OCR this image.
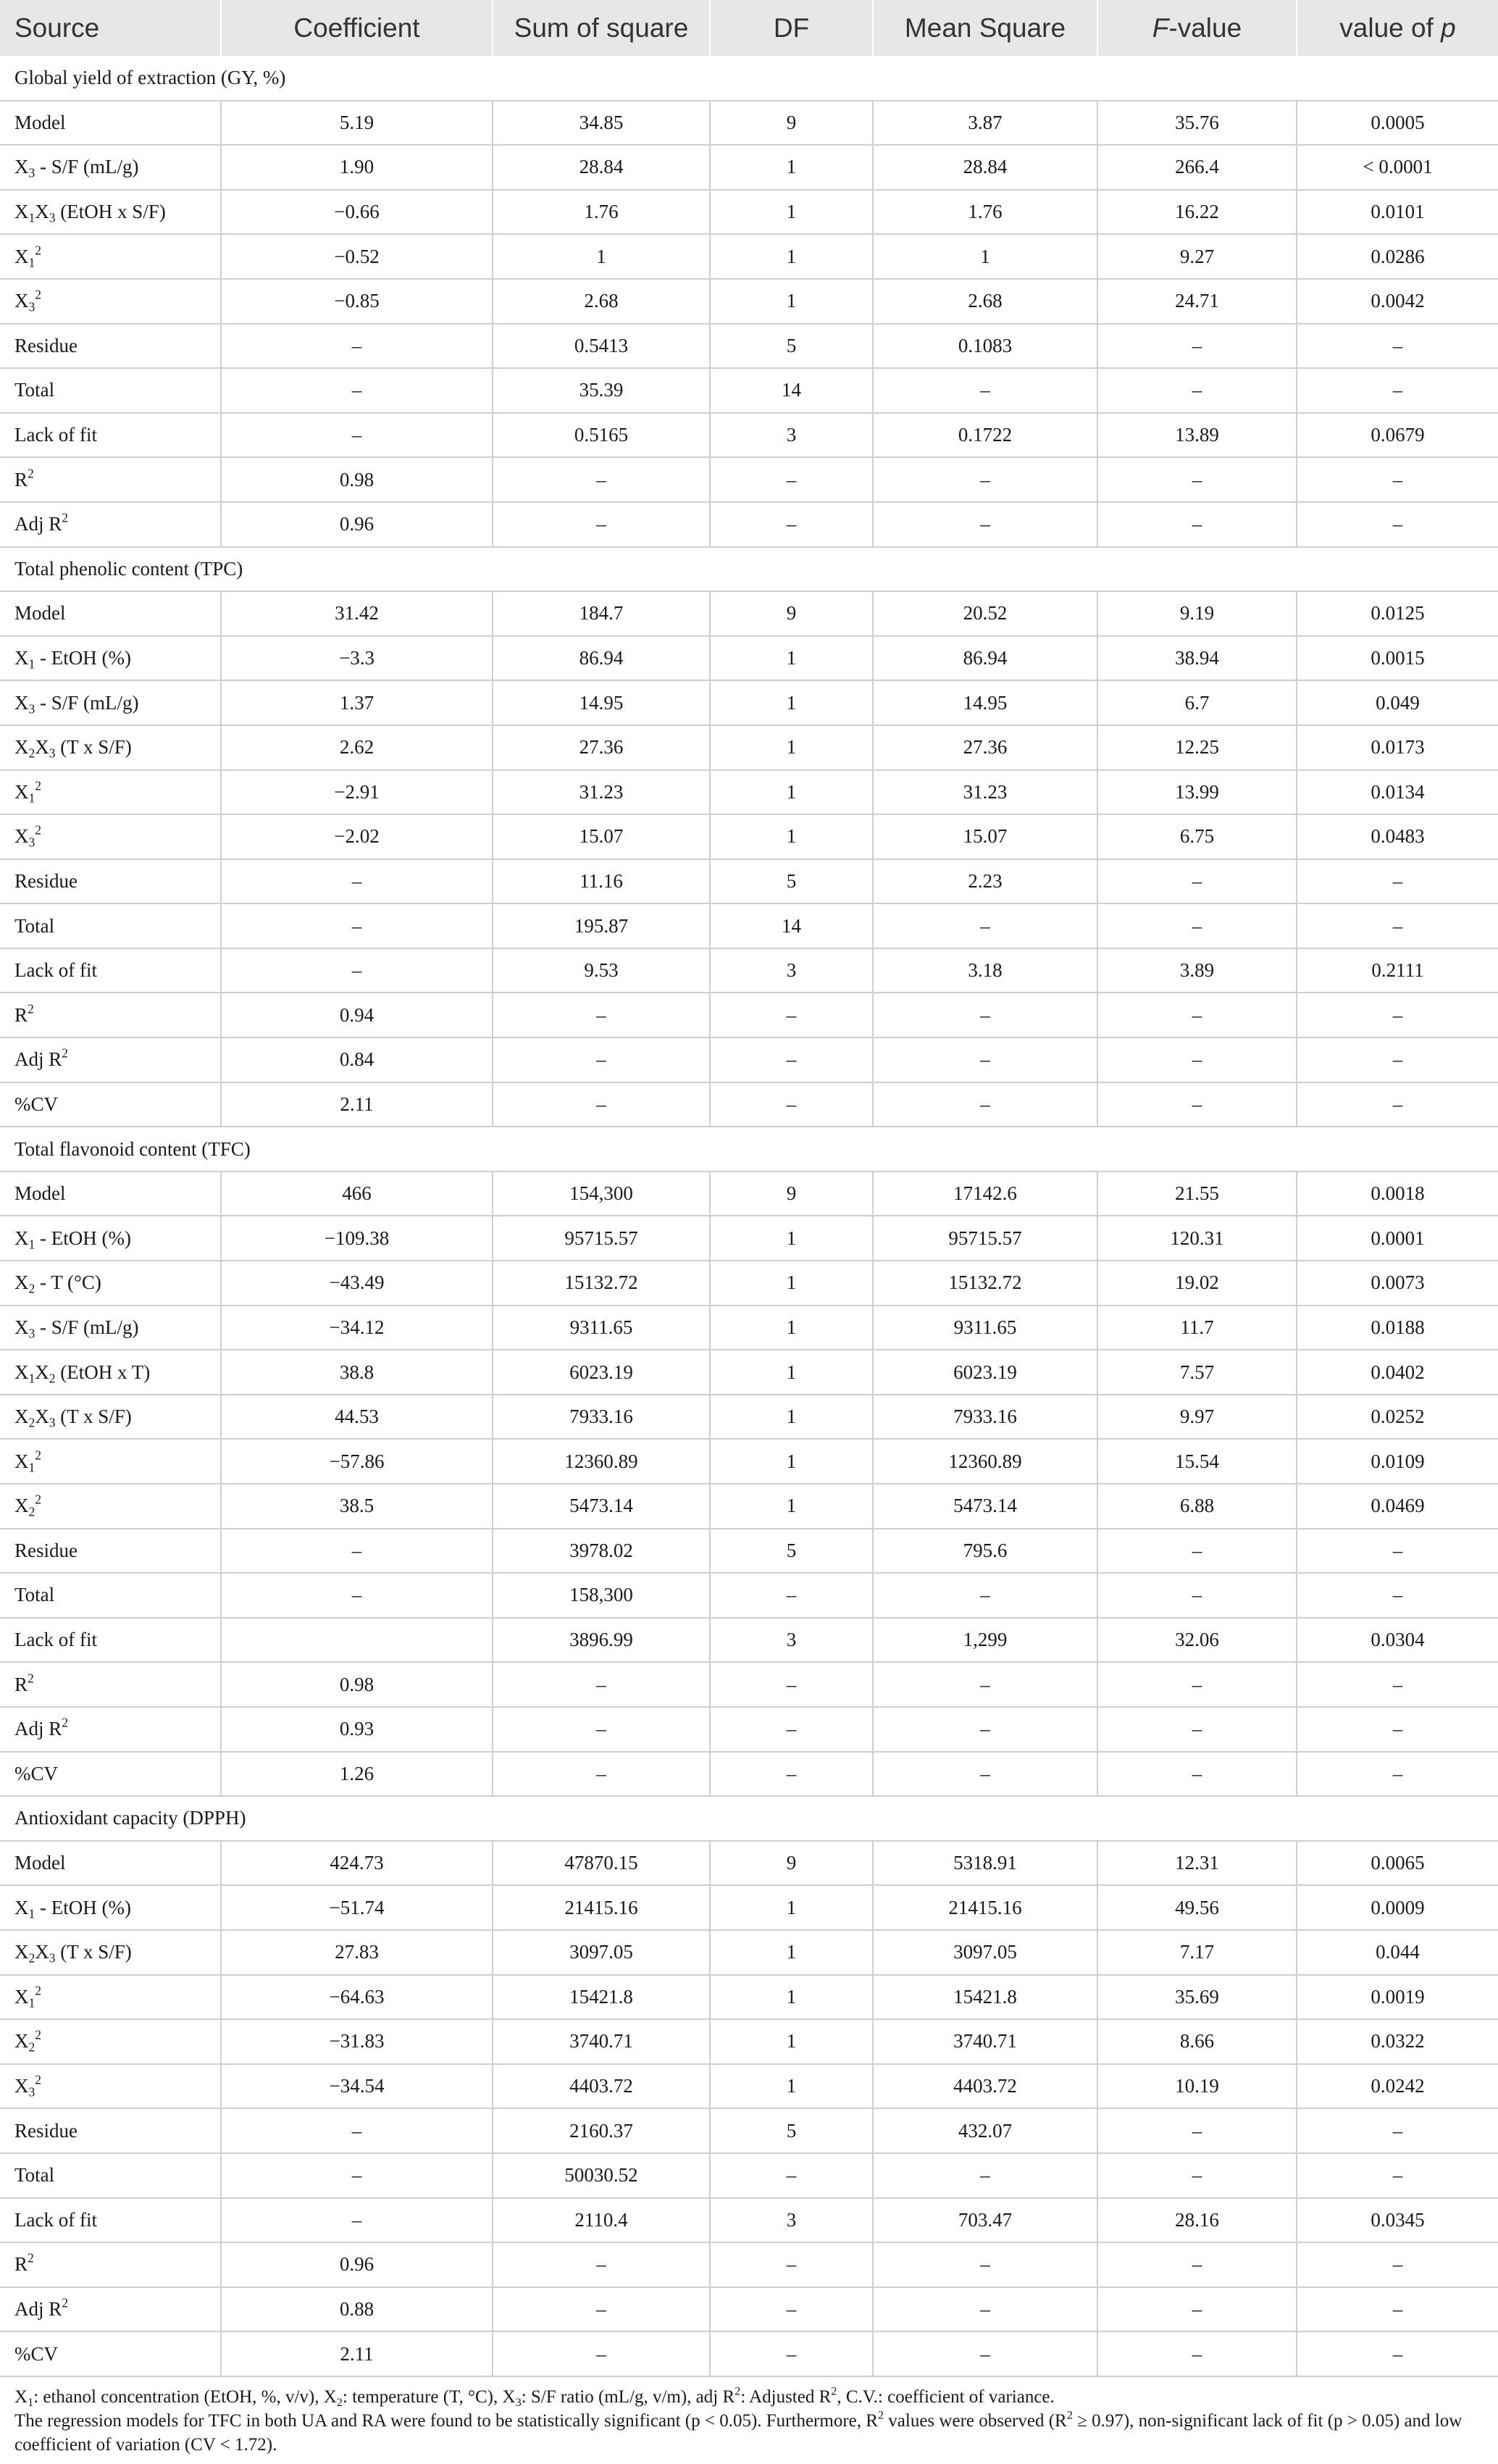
Source	Coefficient	Sum of square	DF	Mean Square	F-value	value of p
Global yield of extraction (GY, %)						
Model	5.19	34.85	9	3.87	35.76	0.0005
$X_3 - S/F$ (mL/g)	1.90	28.84	1	28.84	266.4	< 0.0001
$X_1X_3$ (EtOH x S/F)	−0.66	1.76	1	1.76	16.22	0.0101
$X_1^2$	−0.52	1	1	1	9.27	0.0286
$X_3^2$	−0.85	2.68	1	2.68	24.71	0.0042
Residue	–	0.5413	5	0.1083	–	–
Total	–	35.39	14	–	–	–
Lack of fit	–	0.5165	3	0.1722	13.89	0.0679
$R^2$	0.98	–	–	–	–	–
Adj $R^2$	0.96	–	–	–	–	–
Total phenolic content (TPC)						
Model	31.42	184.7	9	20.52	9.19	0.0125
$X_1$ - EtOH (%)	−3.3	86.94	1	86.94	38.94	0.0015
$X_3 - S/F$ (mL/g)	1.37	14.95	1	14.95	6.7	0.049
$X_2X_3$ (T x S/F)	2.62	27.36	1	27.36	12.25	0.0173
$X_1^2$	−2.91	31.23	1	31.23	13.99	0.0134
$X_3^2$	−2.02	15.07	1	15.07	6.75	0.0483
Residue	–	11.16	5	2.23	–	–
Total	–	195.87	14	–	–	–
Lack of fit	–	9.53	3	3.18	3.89	0.2111
$R^2$	0.94	–	–	–	–	–
Adj $R^2$	0.84	–	–	–	–	–
%CV	2.11	–	–	–	–	–
Total flavonoid content (TFC)						
Model	466	154,300	9	17142.6	21.55	0.0018
$X_1$ - EtOH (%)	−109.38	95715.57	1	95715.57	120.31	0.0001
$X_2$ - T (°C)	−43.49	15132.72	1	15132.72	19.02	0.0073
$X_3 - S/F$ (mL/g)	−34.12	9311.65	1	9311.65	11.7	0.0188
$X_1X_2$ (EtOH x T)	38.8	6023.19	1	6023.19	7.57	0.0402
$X_2X_3$ (T x S/F)	44.53	7933.16	1	7933.16	9.97	0.0252
$X_1^2$	−57.86	12360.89	1	12360.89	15.54	0.0109
$X_2^2$	38.5	5473.14	1	5473.14	6.88	0.0469
Residue	–	3978.02	5	795.6	–	–
Total	–	158,300	–	–	–	–
Lack of fit		3896.99	3	1,299	32.06	0.0304
$R^2$	0.98	–	–	–	–	–
Adj $R^2$	0.93	–	–	–	–	–
%CV	1.26	–	–	–	–	–
Antioxidant capacity (DPPH)						
Model	424.73	47870.15	9	5318.91	12.31	0.0065
$X_1$ - EtOH (%)	−51.74	21415.16	1	21415.16	49.56	0.0009
$X_2X_3$ (T x S/F)	27.83	3097.05	1	3097.05	7.17	0.044
$X_1^2$	−64.63	15421.8	1	15421.8	35.69	0.0019
$X_2^2$	−31.83	3740.71	1	3740.71	8.66	0.0322
$X_3^2$	−34.54	4403.72	1	4403.72	10.19	0.0242
Residue	–	2160.37	5	432.07	–	–
Total	–	50030.52	–	–	–	–
Lack of fit	–	2110.4	3	703.47	28.16	0.0345
$R^2$	0.96	–	–	–	–	–
Adj $R^2$	0.88	–	–	–	–	–
%CV	2.11	–	–	–	–	–

$X_1$: ethanol concentration (EtOH, %, v/v), $X_2$: temperature (T, °C), $X_3$: S/F ratio (mL/g, v/m), adj $R^2$: Adjusted $R^2$, C.V.: coefficient of variance.

The regression models for TFC in both UA and RA were found to be statistically significant (p < 0.05). Furthermore, $R^2$ values were observed $(R^2 \ge 0.97)$, non-significant lack of fit (p > 0.05) and low coefficient of variation (CV < 1.72).
